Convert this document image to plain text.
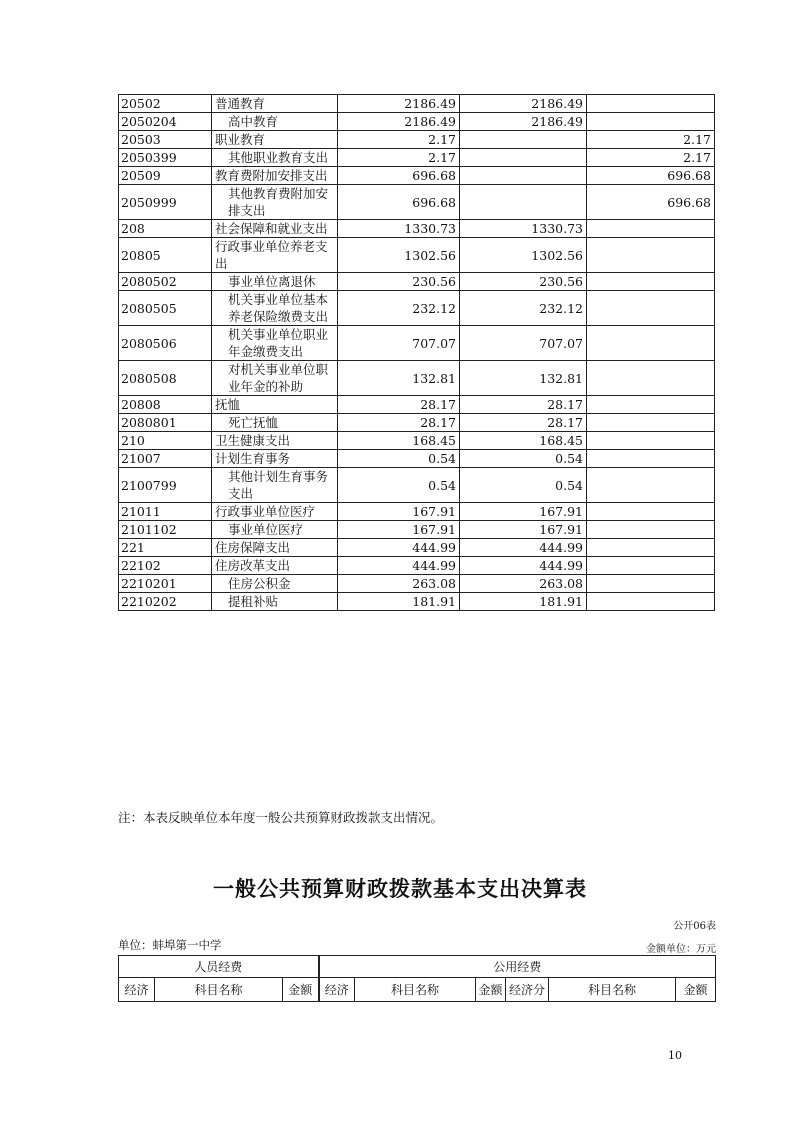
20502	普通教育	2186.49	2186.49	
2050204	高中教育	2186.49	2186.49	
20503	职业教育	2.17		2.17
2050399	其他职业教育支出	2.17		2.17
20509	教育费附加安排支出	696.68		696.68
2050999	其他教育费附加安排支出	696.68		696.68
208	社会保障和就业支出	1330.73	1330.73	
20805	行政事业单位养老支出	1302.56	1302.56	
2080502	事业单位离退休	230.56	230.56	
2080505	机关事业单位基本养老保险缴费支出	232.12	232.12	
2080506	机关事业单位职业年金缴费支出	707.07	707.07	
2080508	对机关事业单位职业年金的补助	132.81	132.81	
20808	抚恤	28.17	28.17	
2080801	死亡抚恤	28.17	28.17	
210	卫生健康支出	168.45	168.45	
21007	计划生育事务	0.54	0.54	
2100799	其他计划生育事务支出	0.54	0.54	
21011	行政事业单位医疗	167.91	167.91	
2101102	事业单位医疗	167.91	167.91	
221	住房保障支出	444.99	444.99	
22102	住房改革支出	444.99	444.99	
2210201	住房公积金	263.08	263.08	
2210202	提租补贴	181.91	181.91	
注：本表反映单位本年度一般公共预算财政拨款支出情况。
一般公共预算财政拨款基本支出决算表
公开06表
单位：蚌埠第一中学	金额单位：万元
人员经费			公用经费					
经济	科目名称	金额	经济	科目名称	金额	经济分	科目名称	金额
10
